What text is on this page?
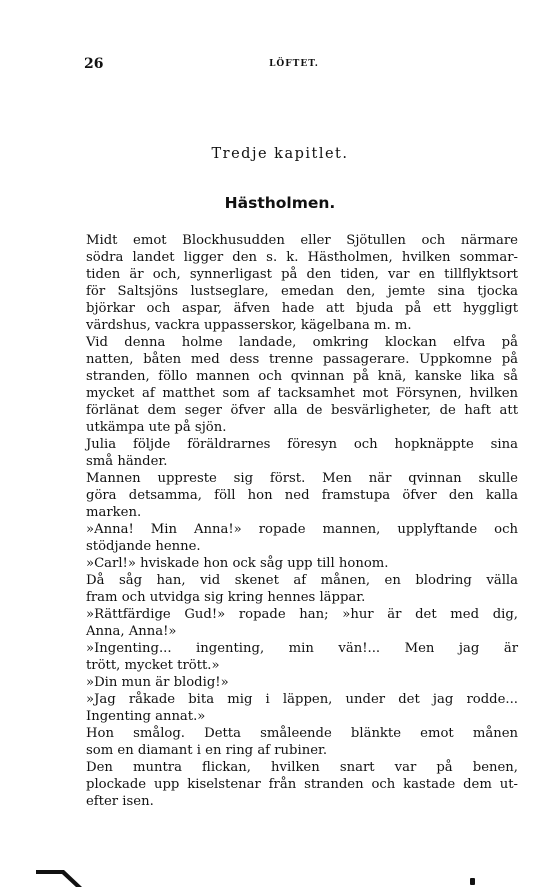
26	LÖFTET.
Tredje kapitlet.
Hästholmen.
Midt emot Blockhusudden eller Sjötullen och närmare
södra landet ligger den s. k. Hästholmen, hvilken sommar-
tiden är och, synnerligast på den tiden, var en tillflyktsort
för Saltsjöns lustseglare, emedan den, jemte sina tjocka
björkar och aspar, äfven hade att bjuda på ett hyggligt
värdshus, vackra uppasserskor, kägelbana m. m.
Vid denna holme landade, omkring klockan elfva på
natten, båten med dess trenne passagerare. Uppkomne på
stranden, föllo mannen och qvinnan på knä, kanske lika så
mycket af matthet som af tacksamhet mot Försynen, hvilken
förlänat dem seger öfver alla de besvärligheter, de haft att
utkämpa ute på sjön.
Julia följde föräldrarnes föresyn och hopknäppte sina
små händer.
Mannen uppreste sig först. Men när qvinnan skulle
göra detsamma, föll hon ned framstupa öfver den kalla
marken.
»Anna! Min Anna!» ropade mannen, upplyftande och
stödjande henne.
»Carl!» hviskade hon ock såg upp till honom.
Då såg han, vid skenet af månen, en blodring välla
fram och utvidga sig kring hennes läppar.
»Rättfärdige Gud!» ropade han; »hur är det med dig,
Anna, Anna!»
»Ingenting... ingenting, min vän!... Men jag är
trött, mycket trött.»
»Din mun är blodig!»
»Jag råkade bita mig i läppen, under det jag rodde...
Ingenting annat.»
Hon smålog. Detta småleende blänkte emot månen
som en diamant i en ring af rubiner.
Den muntra flickan, hvilken snart var på benen,
plockade upp kiselstenar från stranden och kastade dem ut-
efter isen.
